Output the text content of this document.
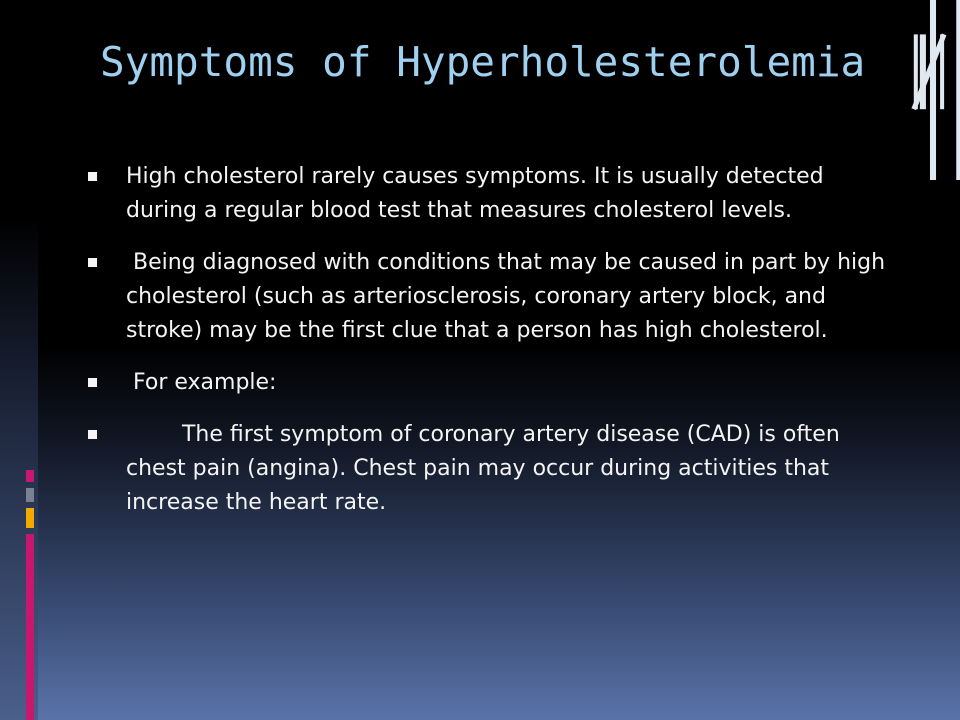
Symptoms of Hyperholesterolemia
High cholesterol rarely causes symptoms. It is usually detected during a regular blood test that measures cholesterol levels.
Being diagnosed with conditions that may be caused in part by high cholesterol (such as arteriosclerosis, coronary artery block, and stroke) may be the first clue that a person has high cholesterol.
For example:
The first symptom of coronary artery disease (CAD) is often chest pain (angina). Chest pain may occur during activities that increase the heart rate.
